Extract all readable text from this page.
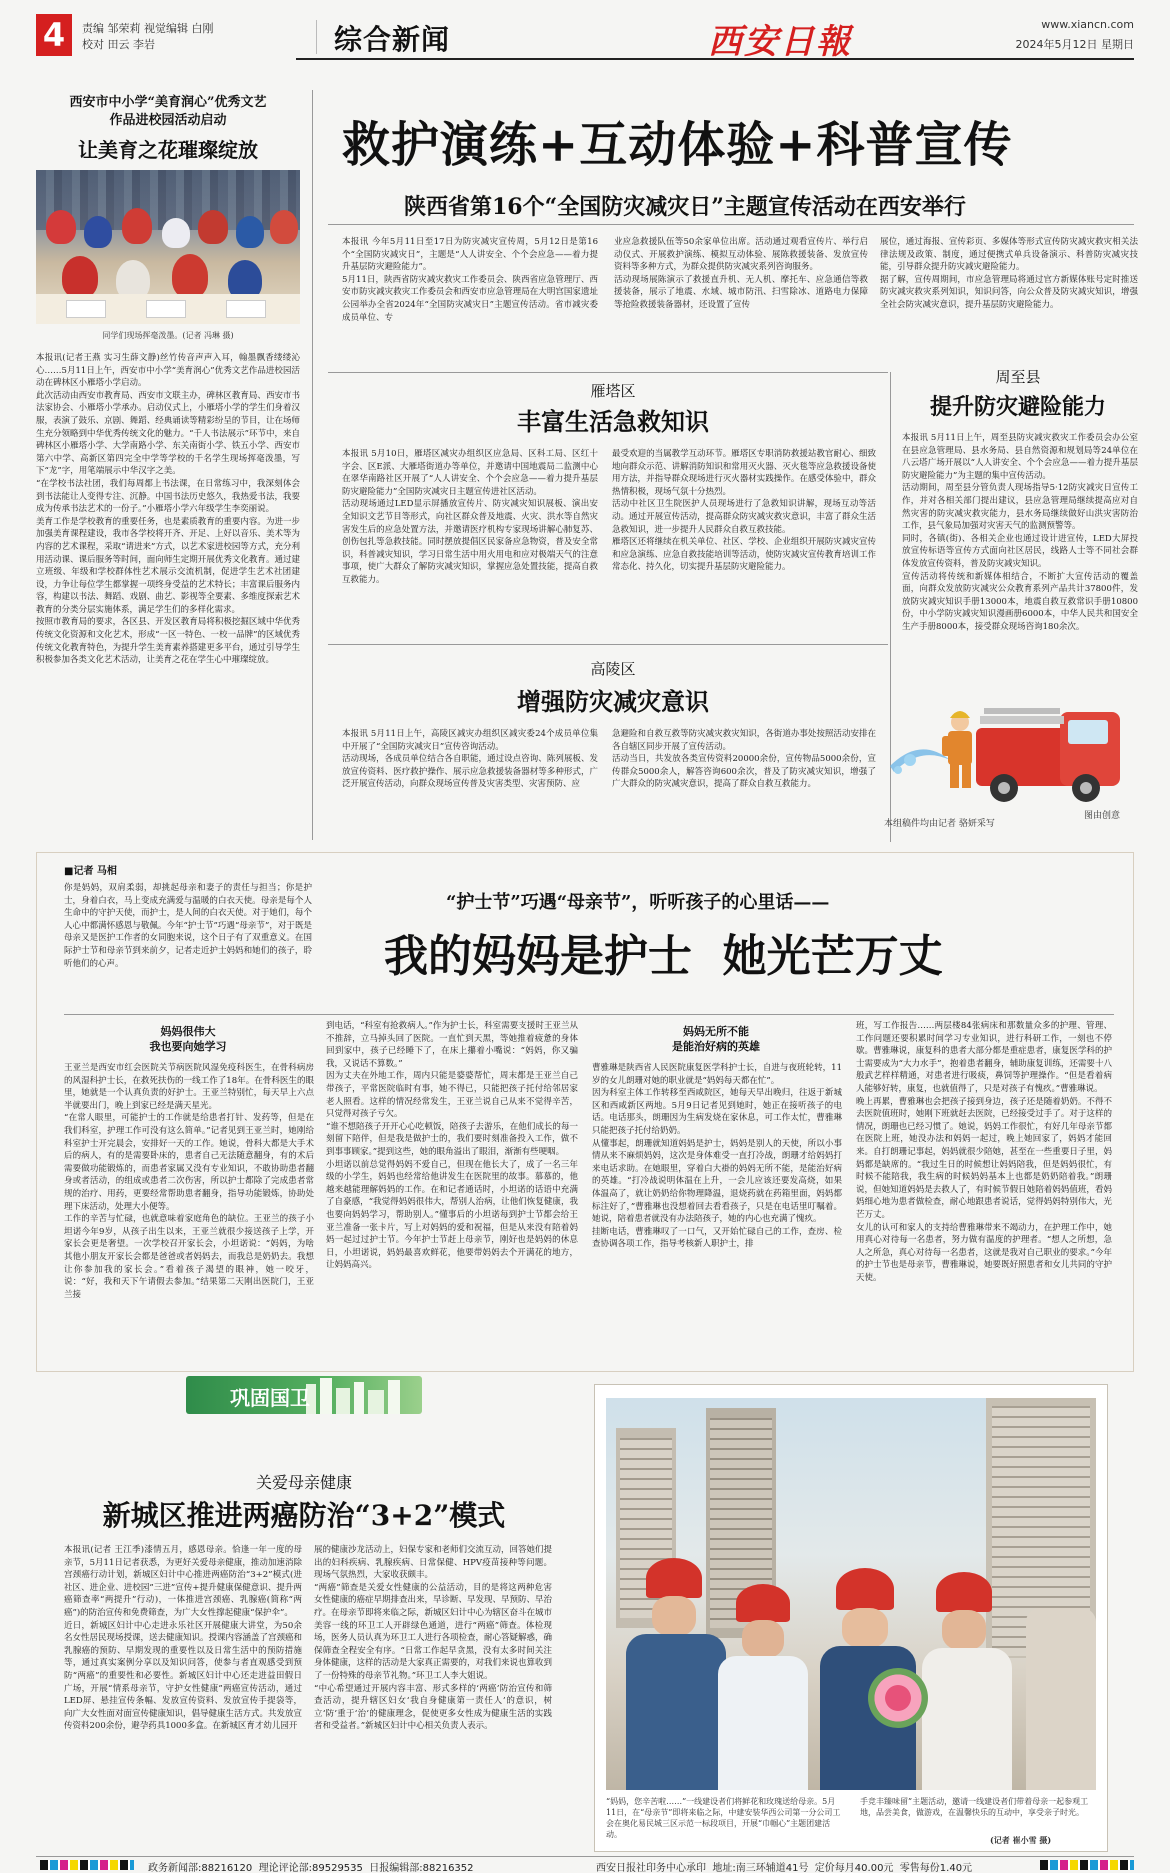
4	责编 邹荣莉 视觉编辑 白刚
校对 田云 李岩	综合新闻	西安日報	www.xiancn.com
2024年5月12日 星期日
西安市中小学“美育润心”优秀文艺
作品进校园活动启动
让美育之花璀璨绽放
同学们现场挥毫泼墨。(记者 冯琳 摄)
本报讯(记者王燕 实习生薛文静)丝竹传音声声入耳，翰墨飘香缕缕沁心……5月11日上午，西安市中小学“美育润心”优秀文艺作品进校园活动在碑林区小雁塔小学启动。
此次活动由西安市教育局、西安市文联主办，碑林区教育局、西安市书法家协会、小雁塔小学承办。启动仪式上，小雁塔小学的学生们身着汉服，表演了鼓乐、京剧、舞蹈、经典诵读等精彩纷呈的节目，让在场师生充分领略到中华优秀传统文化的魅力。“千人书法展示”环节中，来自碑林区小雁塔小学、大学南路小学、东关南街小学、铁五小学、西安市第六中学、高新区第四完全中学等学校的千名学生现场挥毫泼墨，写下“龙”字，用笔端展示中华汉字之美。
“在学校书法社团，我们每周都上书法课，在日常练习中，我深刻体会到书法能让人变得专注、沉静。中国书法历史悠久，我热爱书法，我要成为传承书法艺术的一份子。”小雁塔小学六年级学生李奕丽说。
美育工作是学校教育的重要任务，也是素质教育的重要内容。为进一步加强美育课程建设，我市各学校将开齐、开足、上好以音乐、美术等为内容的艺术课程，采取“请进来”方式，以艺术家进校园等方式，充分利用活动课、课后服务等时间，面向师生定期开展优秀文化教育。通过建立班级、年级和学校群体性艺术展示交流机制，促进学生艺术社团建设，力争让每位学生都掌握一项终身受益的艺术特长；丰富课后服务内容，构建以书法、舞蹈、戏剧、曲艺、影视等全要素、多维度探索艺术教育的分类分层实施体系，满足学生们的多样化需求。
按照市教育局的要求，各区县、开发区教育局将积极挖掘区域中华优秀传统文化资源和文化艺术，形成“一区一特色、一校一品牌”的区域优秀传统文化教育特色，为提升学生美育素养搭建更多平台，通过引导学生积极参加各类文化艺术活动，让美育之花在学生心中璀璨绽放。
救护演练+互动体验+科普宣传
陕西省第16个“全国防灾减灾日”主题宣传活动在西安举行
本报讯 今年5月11日至17日为防灾减灾宣传周，5月12日是第16个“全国防灾减灾日”，主题是“人人讲安全、个个会应急——着力提升基层防灾避险能力”。
5月11日，陕西省防灾减灾救灾工作委员会、陕西省应急管理厅、西安市防灾减灾救灾工作委员会和西安市应急管理局在大明宫国家遗址公园举办全省2024年“全国防灾减灾日”主题宣传活动。省市减灾委成员单位、专
业应急救援队伍等50余家单位出席。活动通过观看宣传片、举行启动仪式、开展救护演练、模拟互动体验、展陈救援装备、发放宣传资料等多种方式，为群众提供防灾减灾系列咨询服务。
活动现场展陈演示了救援直升机、无人机、摩托车、应急通信等救援装备，展示了地震、水域、城市防汛、扫雪除冰、道路电力保障等抢险救援装备器材，还设置了宣传
展位，通过海报、宣传彩页、多媒体等形式宣传防灾减灾救灾相关法律法规及政策、制度，通过便携式单兵设备演示、科普防灾减灾技能，引导群众提升防灾减灾避险能力。
据了解，宣传周期间，市应急管理局将通过官方新媒体账号定时推送防灾减灾救灾系列知识，知识问答，向公众普及防灾减灾知识，增强全社会防灾减灾意识，提升基层防灾避险能力。
雁塔区
丰富生活急救知识
本报讯 5月10日，雁塔区减灾办组织区应急局、区科工局、区红十字会、区E派、大雁塔街道办等单位，并邀请中国地震局二监测中心在翠华南路社区开展了“人人讲安全、个个会应急——着力提升基层防灾避险能力”全国防灾减灾日主题宣传进社区活动。
活动现场通过LED显示屏播放宣传片、防灾减灾知识展板、演出安全知识文艺节目等形式，向社区群众普及地震、火灾、洪水等自然灾害发生后的应急处置方法，并邀请医疗机构专家现场讲解心肺复苏、创伤包扎等急救技能。同时摆放提倡区民家备应急物资，普及安全常识，科普减灾知识，学习日常生活中用火用电和应对极端天气的注意事项，使广大群众了解防灾减灾知识，掌握应急处置技能，提高自救互救能力。
最受欢迎的当属教学互动环节。雁塔区专职消防救援站教官耐心、细致地向群众示范、讲解消防知识和常用灭火器、灭火毯等应急救援设备使用方法，并指导群众现场进行灭火器材实践操作。在感受体验中，群众热情积极，现场气氛十分热烈。
活动中社区卫生院医护人员现场进行了急救知识讲解，现场互动等活动。通过开展宣传活动，提高群众防灾减灾救灾意识，丰富了群众生活急救知识，进一步提升人民群众自救互救技能。
雁塔区还将继续在机关单位、社区、学校、企业组织开展防灾减灾宣传和应急演练、应急自救技能培训等活动，使防灾减灾宣传教育培训工作常态化、持久化，切实提升基层防灾避险能力。
高陵区
增强防灾减灾意识
本报讯 5月11日上午，高陵区减灾办组织区减灾委24个成员单位集中开展了“全国防灾减灾日”宣传咨询活动。
活动现场，各成员单位结合各自职能，通过设点咨询、陈列展板、发放宣传资料、医疗救护操作、展示应急救援装备器材等多种形式，广泛开展宣传活动，向群众现场宣传普及灾害类型、灾害预防、应
急避险和自救互救等防灾减灾救灾知识，各街道办事处按照活动安排在各自辖区同步开展了宣传活动。
活动当日，共发放各类宣传资料20000余份，宣传物品5000余份，宣传群众5000余人，解答咨询600余次，普及了防灾减灾知识，增强了广大群众的防灾减灾意识，提高了群众自救互救能力。
周至县
提升防灾避险能力
本报讯 5月11日上午，周至县防灾减灾救灾工作委员会办公室在县应急管理局、县水务局、县自然资源和规划局等24单位在八云塔广场开展以“人人讲安全、个个会应急——着力提升基层防灾避险能力”为主题的集中宣传活动。
活动期间，周至县分管负责人现场指导5·12防灾减灾日宣传工作，并对各相关部门提出建议，县应急管理局继续提高应对自然灾害的防灾减灾救灾能力，县水务局继续做好山洪灾害防治工作，县气象局加强对灾害天气的监测预警等。
同时，各镇(街)、各相关企业也通过设计进宣传，LED大屏投放宣传标语等宣传方式面向社区居民，线路人士等不同社会群体发放宣传资料，普及防灾减灾知识。
宣传活动将传统和新媒体相结合，不断扩大宣传活动的覆盖面，向群众发放防灾减灾公众教育系列产品共计37800件，发放防灾减灾知识手册13000本，地震自救互救常识手册10800份，中小学防灾减灾知识漫画册6000本，中华人民共和国安全生产手册8000本，接受群众现场咨询180余次。
本组稿件均由记者 骆妍采写
图由创意
■记者 马相
你是妈妈，双肩柔弱，却挑起母亲和妻子的责任与担当；你是护士，身着白衣，马上变成充满爱与温暖的白衣天使。母亲是每个人生命中的守护天使，而护士，是人间的白衣天使。对于她们，每个人心中都满怀感恩与敬佩。今年“护士节”巧遇“母亲节”，对于既是母亲又是医护工作者的女同胞来说，这个日子有了双重意义。在国际护士节和母亲节到来前夕，记者走近护士妈妈和她们的孩子，聆听他们的心声。
“护士节”巧遇“母亲节”，听听孩子的心里话——
我的妈妈是护士  她光芒万丈
妈妈很伟大
我也要向她学习
王亚兰是西安市红会医院关节病医院风湿免疫科医生，在骨科病房的风湿科护士长，在救死扶伤的一线工作了18年。在骨科医生的眼里，她就是一个认真负责的好护士。王亚兰特别忙，每天早上六点半就要出门，晚上到家已经是满天星光。
“在常人眼里，可能护士的工作就是给患者打针、发药等，但是在我们科室，护理工作可没有这么简单。”记者见到王亚兰时，她刚给科室护士开完晨会，安排好一天的工作。她说，骨科大都是大手术后的病人，有的是需要卧床的，患者自己无法随意翻身，有的术后需要做功能锻炼的，而患者家属又没有专业知识，不敢协助患者翻身或者活动，的组成或患者二次伤害，所以护士都除了完成患者常规的治疗、用药，更要经常帮助患者翻身，指导功能锻炼，协助处理下床活动，处理大小便等。
工作的辛苦与忙碌，也就意味着家庭角色的缺位。王亚兰的孩子小坦诺今年9岁，从孩子出生以来，王亚兰就很少接送孩子上学，开家长会更是奢望。一次学校召开家长会，小坦诺说：“妈妈，为啥其他小朋友开家长会都是爸爸或者妈妈去，而我总是奶奶去。我想让你参加我的家长会。”看着孩子渴望的眼神，她一咬牙，说：“好，我和天下午请假去参加。”结果第二天刚出医院门，王亚兰接
到电话，“科室有抢救病人。”作为护士长，科室需要支援时王亚兰从不推辞，立马掉头回了医院。一直忙到天黑，等她推着疲惫的身体回到家中，孩子已经睡下了，在床上攥着小嘴说：“妈妈，你又骗我，又说话不算数。”
因为丈夫在外地工作，周内只能是婆婆帮忙，周末都是王亚兰自己带孩子，平常医院临时有事，她不得已，只能把孩子托付给邻居家老人照看。这样的情况经常发生，王亚兰说自己从来不觉得辛苦，只觉得对孩子亏欠。
“谁不想陪孩子开开心心吃顿饭，陪孩子去游乐，在他们成长的每一刻留下陪伴，但是我是做护士的，我们要时刻准备投入工作，做不到事事顾家。”提到这些，她的眼角溢出了眼泪，渐渐有些哽咽。
小坦诺以前总觉得妈妈不爱自己，但现在他长大了，成了一名三年级的小学生，妈妈也经常给他讲发生在医院里的故事。慕慕的，他越来越能理解妈妈的工作。在和记者通话时，小坦诺的话语中充满了自豪感，“我觉得妈妈很伟大，帮别人治病，让他们恢复健康，我也要向妈妈学习，帮助别人。”懂事后的小坦诺每到护士节都会给王亚兰准备一张卡片，写上对妈妈的爱和祝福，但是从来没有陪着妈妈一起过过护士节。今年护士节赶上母亲节，刚好也是妈妈的休息日，小坦诺说，妈妈最喜欢鲜花，他要带妈妈去个开满花的地方，让妈妈高兴。
妈妈无所不能
是能治好病的英雄
曹雅琳是陕西省人民医院康复医学科护士长，自进与夜班轮转，11岁的女儿朗珊对她的职业就是“妈妈每天都在忙”。
因为科室主体工作转移至西咸院区，她每天早出晚归，往返于新城区和西咸新区两地。5月9日记者见到她时，她正在接听孩子的电话。电话那头，朗珊因为生病发烧在家休息，可工作太忙，曹雅琳只能把孩子托付给奶奶。
从懂事起，朗珊就知道妈妈是护士，妈妈是别人的天使，所以小事情从来不麻烦妈妈，这次是身体难受一直打冷战，朗珊才给妈妈打来电话求助。在她眼里，穿着白大褂的妈妈无所不能，是能治好病的英雄。“打冷战说明体温在上升，一会儿应该还要发高烧，如果体温高了，就让奶奶给你物理降温，退烧药就在药箱里面，妈妈都标注好了，”曹雅琳也没想着回去看看孩子，只是在电话里叮嘱着。她说，陪着患者就没有办法陪孩子，她的内心也充满了愧疚。
挂断电话，曹雅琳叹了一口气，又开始忙碌自己的工作，查房、检查协调各项工作，指导考核新人职护士，排
班，写工作报告……两层楼84张病床和那数量众多的护理、管理、工作问题还要积累时间学习专业知识，进行科研工作，一刻也不停歇。曹雅琳说，康复科的患者大部分都是重症患者，康复医学科的护士需要成为“大力水手”，抱着患者翻身，辅助康复训练，还需要十八般武艺样样精通，对患者进行吸痰，鼻饲等护理操作。“但是看着病人能够好转，康复，也就值得了，只是对孩子有愧疚。”曹雅琳说。
晚上再累，曹雅琳也会把孩子接到身边，孩子还是随着奶奶。不得不去医院值班时，她刚下班就赶去医院，已经接受过手了。对于这样的情况，朗珊也已经习惯了。她说，妈妈工作很忙，有好几年母亲节都在医院上班，她没办法和妈妈一起过，晚上她回家了，妈妈才能回来。自打朗珊记事起，妈妈就很少陪她，甚至在一些重要日子里，妈妈都是缺席的。“我过生日的时候想让妈妈陪我，但是妈妈很忙，有时候不能陪我，我生病的时候妈妈基本上也都是奶奶陪着我。”朗珊说，但她知道妈妈是去救人了，有时候节假日她陪着妈妈值班，看妈妈细心地为患者做检查，耐心地跟患者说话，觉得妈妈特别伟大，光芒万丈。
女儿的认可和家人的支持给曹雅琳带来不竭动力，在护理工作中，她用真心对待每一名患者，努力做有温度的护理者。“想人之所想，急人之所急，真心对待每一名患者，这就是我对自己职业的要求。”今年的护士节也是母亲节，曹雅琳说，她要既好照患者和女儿共同的守护天使。
巩固国卫
关爱母亲健康
新城区推进两癌防治“3+2”模式
本报讯(记者 王江季)漆情五月，感恩母亲。恰逢一年一度的母亲节，5月11日记者获悉，为更好关爱母亲健康，推动加速消除宫颈癌行动计划，新城区妇计中心推进两癌防治“3+2”模式(进社区、进企业、进校园”三进”宣传+提升健康保健意识、提升两癌筛查率“两提升”行动)，一体推进宫颈癌、乳腺癌(简称“两癌”)的防治宣传和免费筛查，为广大女性撑起健康“保护伞”。
近日，新城区妇计中心走进永乐社区开展健康大讲堂，为50余名女性居民现场授课，送去健康知识。授课内容涵盖了宫颈癌和乳腺癌的预防、早期发现的重要性以及日常生活中的预防措施等，通过真实案例分享以及知识问答，使参与者直观感受到预防“两癌”的重要性和必要性。新城区妇计中心还走进益田假日广场，开展“情系母亲节，守护女性健康”两癌宣传活动，通过LED屏、悬挂宣传条幅、发放宣传资料、发放宣传手提袋等，向广大女性面对面宣传健康知识，倡导健康生活方式。共发放宣传资料200余份，避孕药具1000多盒。在新城区育才幼儿园开
展的健康沙龙活动上，妇保专家和老师们交流互动，回答她们提出的妇科疾病、乳腺疾病、日常保健、HPV疫苗接种等问题。现场气氛热烈，大家收获颇丰。
“两癌”筛查是关爱女性健康的公益活动，目的是将这两种危害女性健康的癌症早期排查出来，早诊断、早发现、早预防、早治疗。在母亲节即将来临之际，新城区妇计中心为辖区奋斗在城市美容一线的环卫工人开辟绿色通道，进行“两癌”筛查。体检现场，医务人员认真为环卫工人进行各项检查，耐心答疑解惑，确保筛查全程安全有序。“日常工作起早贪黑，没有太多时间关注身体健康，这样的活动是大家真正需要的，对我们来说也算收到了一份特殊的母亲节礼物。”环卫工人李大姐说。
“中心希望通过开展内容丰富、形式多样的‘两癌’防治宣传和筛查活动，提升辖区妇女‘我自身健康第一责任人’的意识，树立‘防’重于‘治’的健康理念，促使更多女性成为健康生活的实践者和受益者。”新城区妇计中心相关负责人表示。
“妈妈，您辛苦啦……”一线建设者们将鲜花和玫瑰送给母亲。5月11日，在“母亲节”即将来临之际，中建安装华西公司第一分公司工会在奥化易民城三区示范一标段项目，开展“巾帼心”主题团建活动。
手竞丰臻味留”主题活动，邀请一线建设者们带着母亲一起参观工地，品尝美食，做游戏，在温馨快乐的互动中，享受亲子时光。
(记者 崔小雪 摄)
政务新闻部:88216120  理论评论部:89529535  日报编辑部:88216352	西安日报社印务中心承印  地址:南三环辅道41号  定价每月40.00元  零售每份1.40元
